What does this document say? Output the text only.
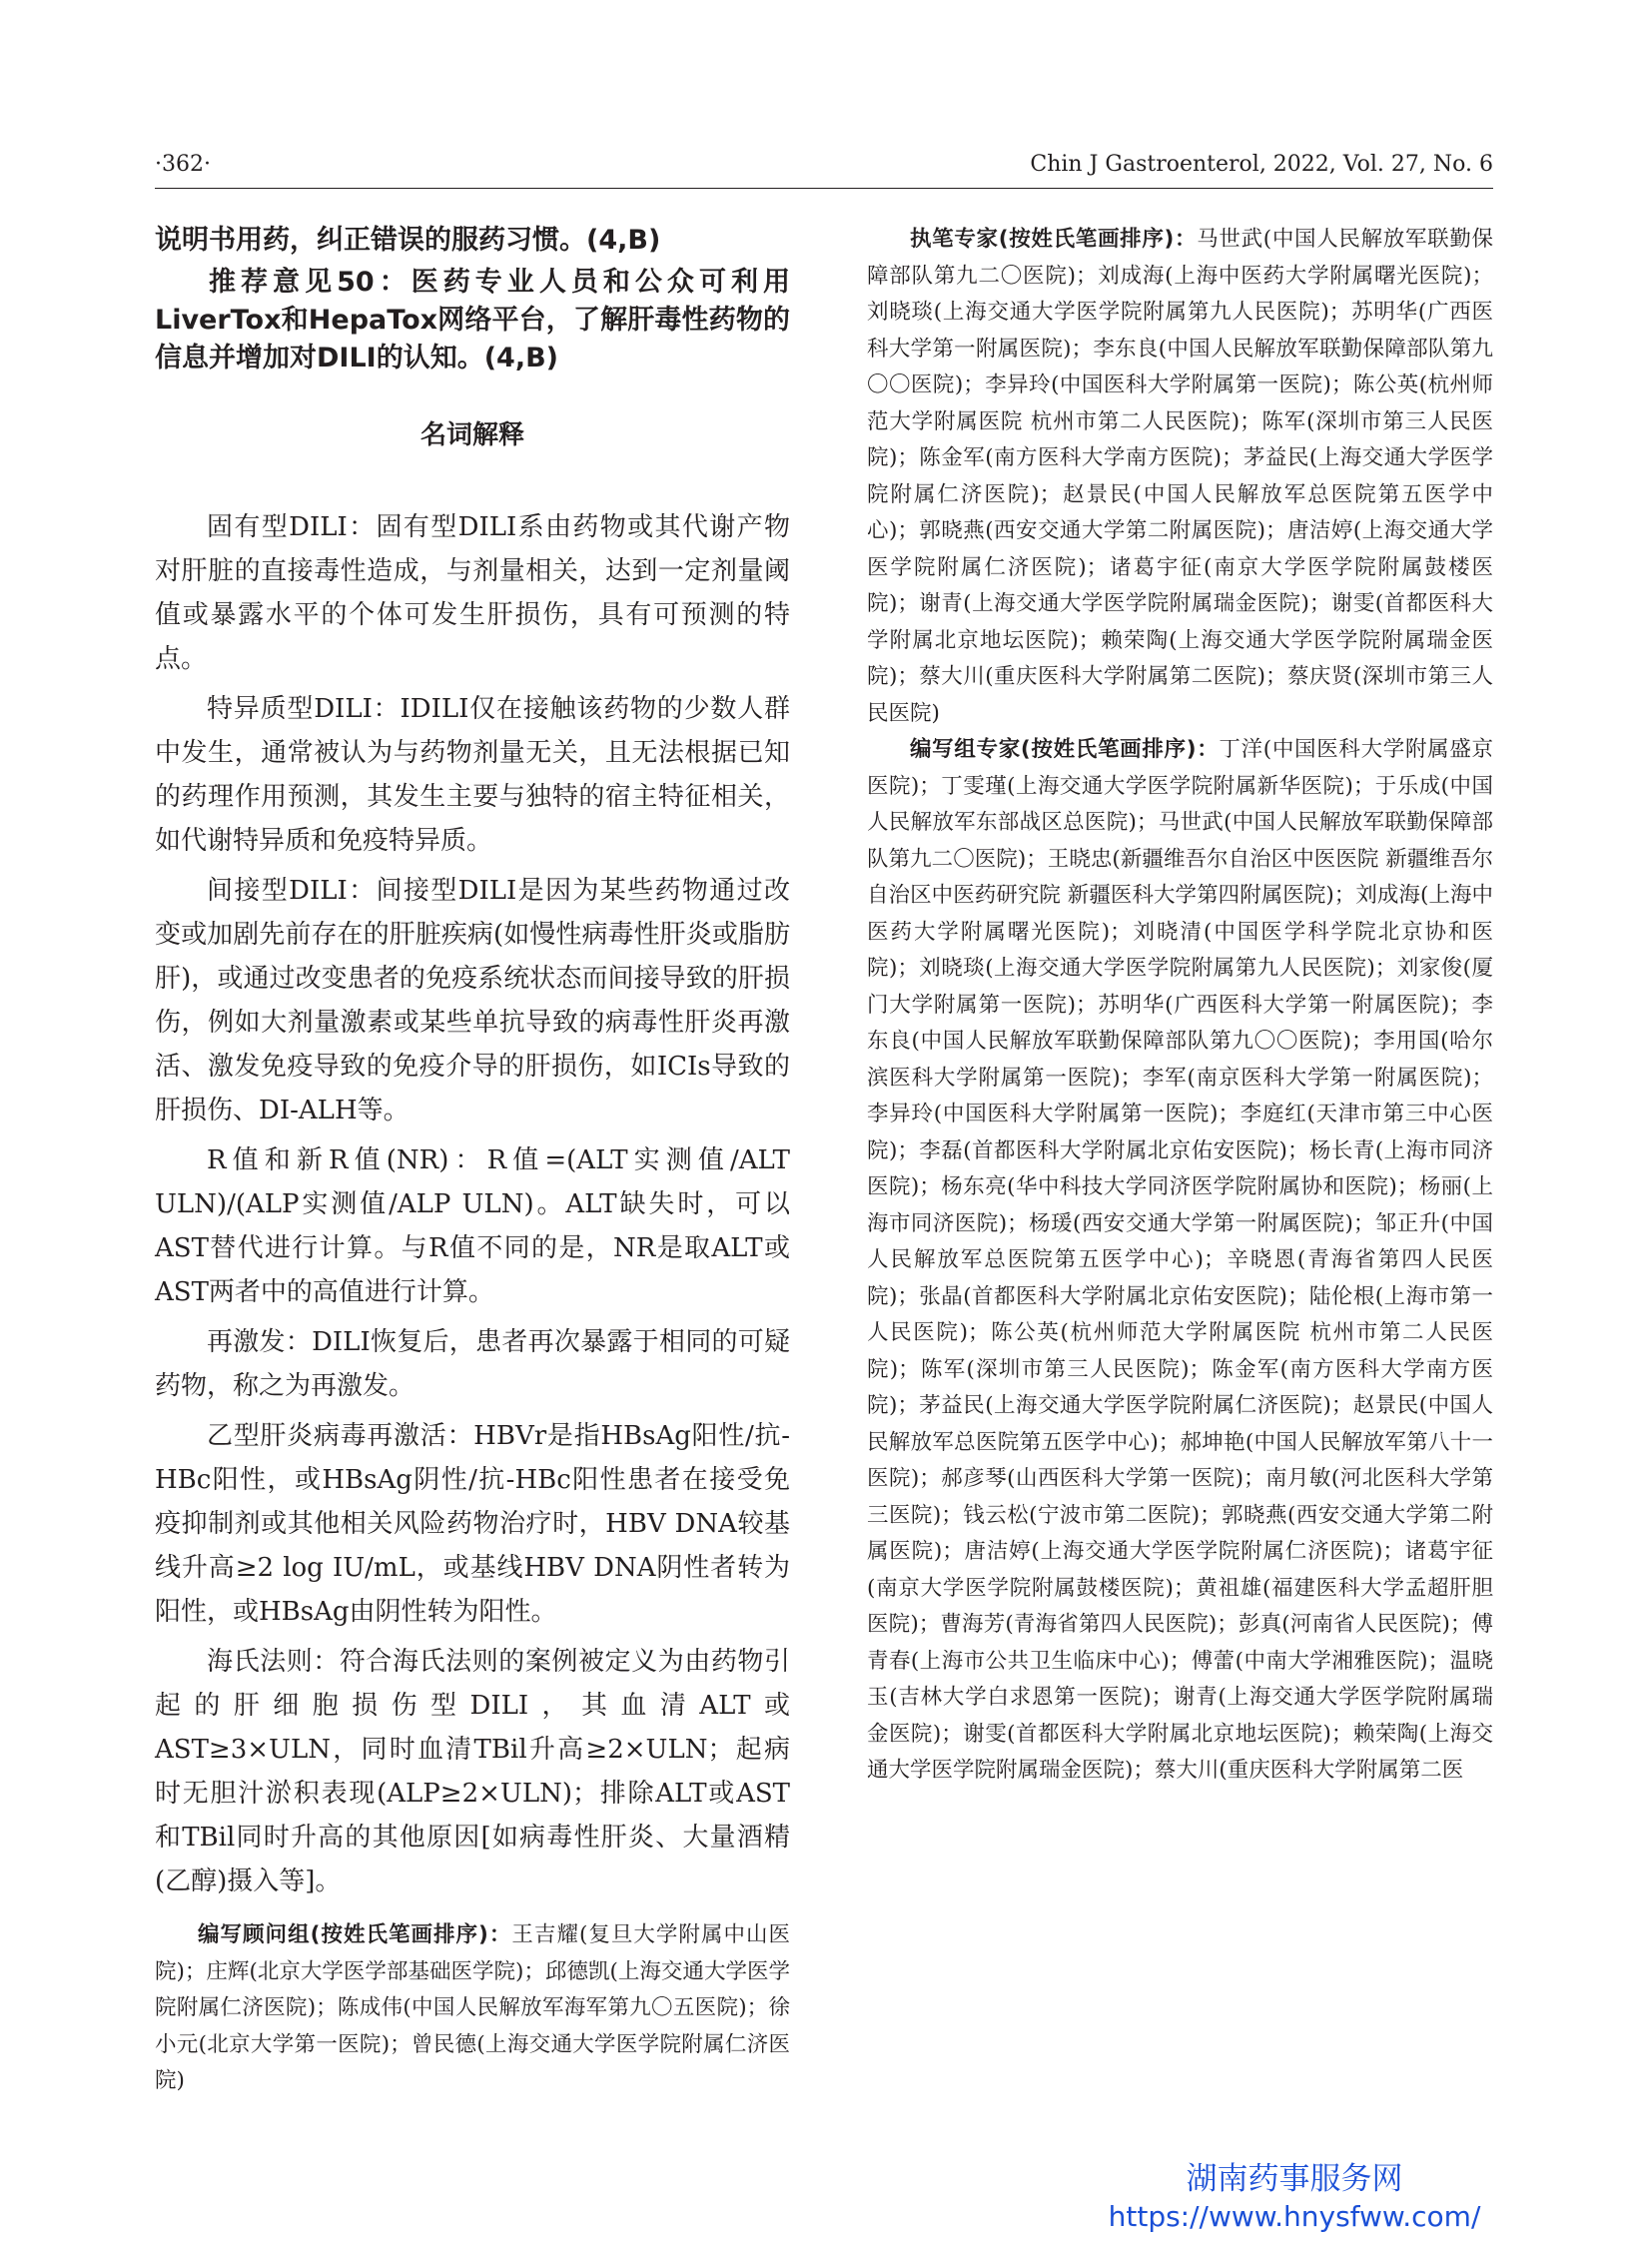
·362·	Chin J Gastroenterol, 2022, Vol. 27, No. 6

说明书用药，纠正错误的服药习惯。(4,B)

推荐意见50：医药专业人员和公众可利用LiverTox和HepaTox网络平台，了解肝毒性药物的信息并增加对DILI的认知。(4,B)

名词解释

固有型DILI：固有型DILI系由药物或其代谢产物对肝脏的直接毒性造成，与剂量相关，达到一定剂量阈值或暴露水平的个体可发生肝损伤，具有可预测的特点。

特异质型DILI：IDILI仅在接触该药物的少数人群中发生，通常被认为与药物剂量无关，且无法根据已知的药理作用预测，其发生主要与独特的宿主特征相关，如代谢特异质和免疫特异质。

间接型DILI：间接型DILI是因为某些药物通过改变或加剧先前存在的肝脏疾病(如慢性病毒性肝炎或脂肪肝)，或通过改变患者的免疫系统状态而间接导致的肝损伤，例如大剂量激素或某些单抗导致的病毒性肝炎再激活、激发免疫导致的免疫介导的肝损伤，如ICIs导致的肝损伤、DI-ALH等。

R值和新R值(NR)：R值=(ALT实测值/ALT ULN)/(ALP实测值/ALP ULN)。ALT缺失时，可以AST替代进行计算。与R值不同的是，NR是取ALT或AST两者中的高值进行计算。

再激发：DILI恢复后，患者再次暴露于相同的可疑药物，称之为再激发。

乙型肝炎病毒再激活：HBVr是指HBsAg阳性/抗-HBc阳性，或HBsAg阴性/抗-HBc阳性患者在接受免疫抑制剂或其他相关风险药物治疗时，HBV DNA较基线升高≥2 log IU/mL，或基线HBV DNA阴性者转为阳性，或HBsAg由阴性转为阳性。

海氏法则：符合海氏法则的案例被定义为由药物引起的肝细胞损伤型DILI，其血清ALT或AST≥3×ULN，同时血清TBil升高≥2×ULN；起病时无胆汁淤积表现(ALP≥2×ULN)；排除ALT或AST和TBil同时升高的其他原因[如病毒性肝炎、大量酒精(乙醇)摄入等]。

编写顾问组(按姓氏笔画排序)：王吉耀(复旦大学附属中山医院)；庄辉(北京大学医学部基础医学院)；邱德凯(上海交通大学医学院附属仁济医院)；陈成伟(中国人民解放军海军第九〇五医院)；徐小元(北京大学第一医院)；曾民德(上海交通大学医学院附属仁济医院)

执笔专家(按姓氏笔画排序)：马世武(中国人民解放军联勤保障部队第九二〇医院)；刘成海(上海中医药大学附属曙光医院)；刘晓琰(上海交通大学医学院附属第九人民医院)；苏明华(广西医科大学第一附属医院)；李东良(中国人民解放军联勤保障部队第九〇〇医院)；李异玲(中国医科大学附属第一医院)；陈公英(杭州师范大学附属医院 杭州市第二人民医院)；陈军(深圳市第三人民医院)；陈金军(南方医科大学南方医院)；茅益民(上海交通大学医学院附属仁济医院)；赵景民(中国人民解放军总医院第五医学中心)；郭晓燕(西安交通大学第二附属医院)；唐洁婷(上海交通大学医学院附属仁济医院)；诸葛宇征(南京大学医学院附属鼓楼医院)；谢青(上海交通大学医学院附属瑞金医院)；谢雯(首都医科大学附属北京地坛医院)；赖荣陶(上海交通大学医学院附属瑞金医院)；蔡大川(重庆医科大学附属第二医院)；蔡庆贤(深圳市第三人民医院)

编写组专家(按姓氏笔画排序)：丁洋(中国医科大学附属盛京医院)；丁雯瑾(上海交通大学医学院附属新华医院)；于乐成(中国人民解放军东部战区总医院)；马世武(中国人民解放军联勤保障部队第九二〇医院)；王晓忠(新疆维吾尔自治区中医医院 新疆维吾尔自治区中医药研究院 新疆医科大学第四附属医院)；刘成海(上海中医药大学附属曙光医院)；刘晓清(中国医学科学院北京协和医院)；刘晓琰(上海交通大学医学院附属第九人民医院)；刘家俊(厦门大学附属第一医院)；苏明华(广西医科大学第一附属医院)；李东良(中国人民解放军联勤保障部队第九〇〇医院)；李用国(哈尔滨医科大学附属第一医院)；李军(南京医科大学第一附属医院)；李异玲(中国医科大学附属第一医院)；李庭红(天津市第三中心医院)；李磊(首都医科大学附属北京佑安医院)；杨长青(上海市同济医院)；杨东亮(华中科技大学同济医学院附属协和医院)；杨丽(上海市同济医院)；杨瑗(西安交通大学第一附属医院)；邹正升(中国人民解放军总医院第五医学中心)；辛晓恩(青海省第四人民医院)；张晶(首都医科大学附属北京佑安医院)；陆伦根(上海市第一人民医院)；陈公英(杭州师范大学附属医院 杭州市第二人民医院)；陈军(深圳市第三人民医院)；陈金军(南方医科大学南方医院)；茅益民(上海交通大学医学院附属仁济医院)；赵景民(中国人民解放军总医院第五医学中心)；郝坤艳(中国人民解放军第八十一医院)；郝彦琴(山西医科大学第一医院)；南月敏(河北医科大学第三医院)；钱云松(宁波市第二医院)；郭晓燕(西安交通大学第二附属医院)；唐洁婷(上海交通大学医学院附属仁济医院)；诸葛宇征(南京大学医学院附属鼓楼医院)；黄祖雄(福建医科大学孟超肝胆医院)；曹海芳(青海省第四人民医院)；彭真(河南省人民医院)；傅青春(上海市公共卫生临床中心)；傅蕾(中南大学湘雅医院)；温晓玉(吉林大学白求恩第一医院)；谢青(上海交通大学医学院附属瑞金医院)；谢雯(首都医科大学附属北京地坛医院)；赖荣陶(上海交通大学医学院附属瑞金医院)；蔡大川(重庆医科大学附属第二医

湖南药事服务网
https://www.hnysfww.com/
